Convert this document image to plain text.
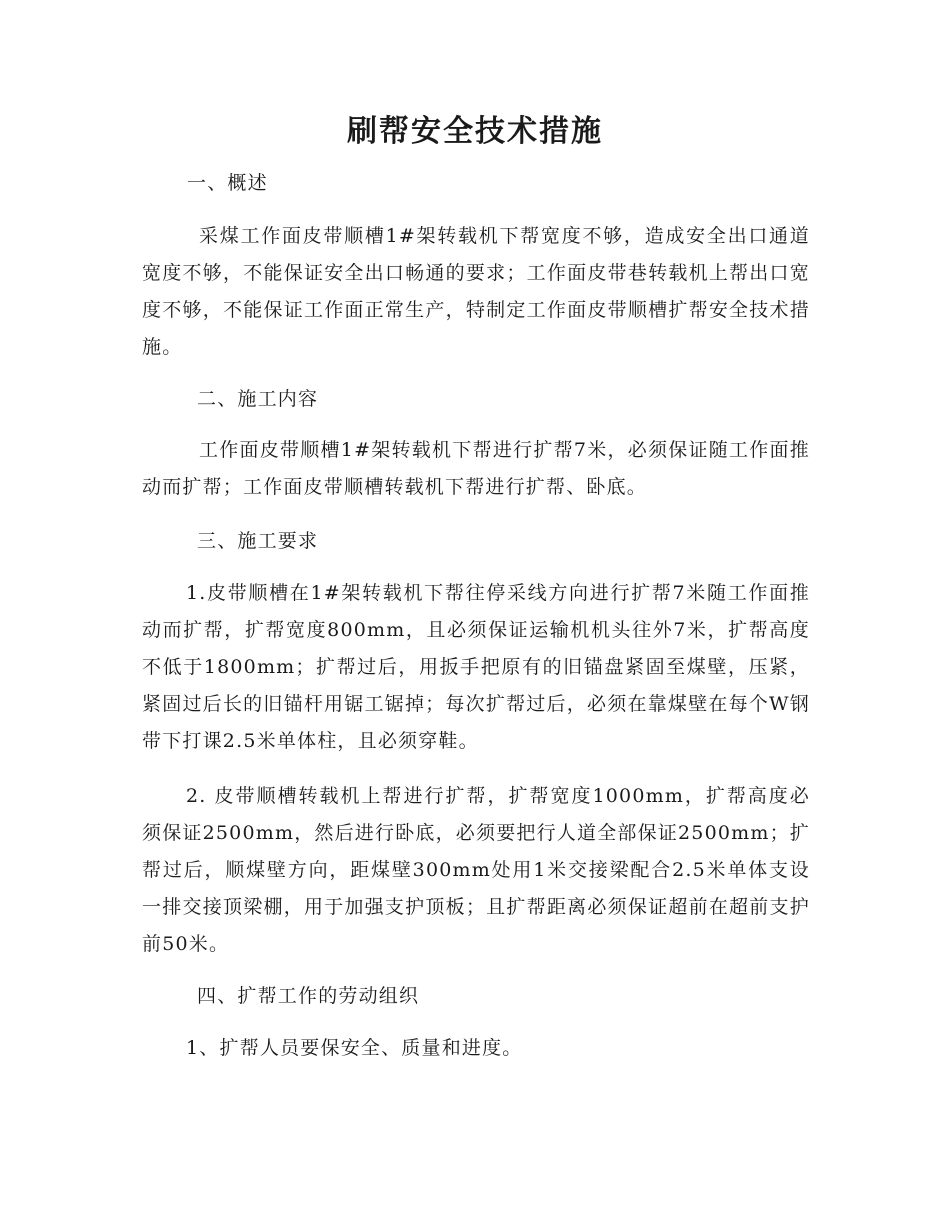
刷帮安全技术措施

一、概述

采煤工作面皮带顺槽1#架转载机下帮宽度不够，造成安全出口通道宽度不够，不能保证安全出口畅通的要求；工作面皮带巷转载机上帮出口宽度不够，不能保证工作面正常生产，特制定工作面皮带顺槽扩帮安全技术措施。

二、施工内容

工作面皮带顺槽1#架转载机下帮进行扩帮7米，必须保证随工作面推动而扩帮；工作面皮带顺槽转载机下帮进行扩帮、卧底。

三、施工要求

1.皮带顺槽在1#架转载机下帮往停采线方向进行扩帮7米随工作面推动而扩帮，扩帮宽度800mm，且必须保证运输机机头往外7米，扩帮高度不低于1800mm；扩帮过后，用扳手把原有的旧锚盘紧固至煤壁，压紧，紧固过后长的旧锚杆用锯工锯掉；每次扩帮过后，必须在靠煤壁在每个W钢带下打课2.5米单体柱，且必须穿鞋。

2. 皮带顺槽转载机上帮进行扩帮，扩帮宽度1000mm，扩帮高度必须保证2500mm，然后进行卧底，必须要把行人道全部保证2500mm；扩帮过后，顺煤壁方向，距煤壁300mm处用1米交接梁配合2.5米单体支设一排交接顶梁棚，用于加强支护顶板；且扩帮距离必须保证超前在超前支护前50米。

四、扩帮工作的劳动组织

1、扩帮人员要保安全、质量和进度。
